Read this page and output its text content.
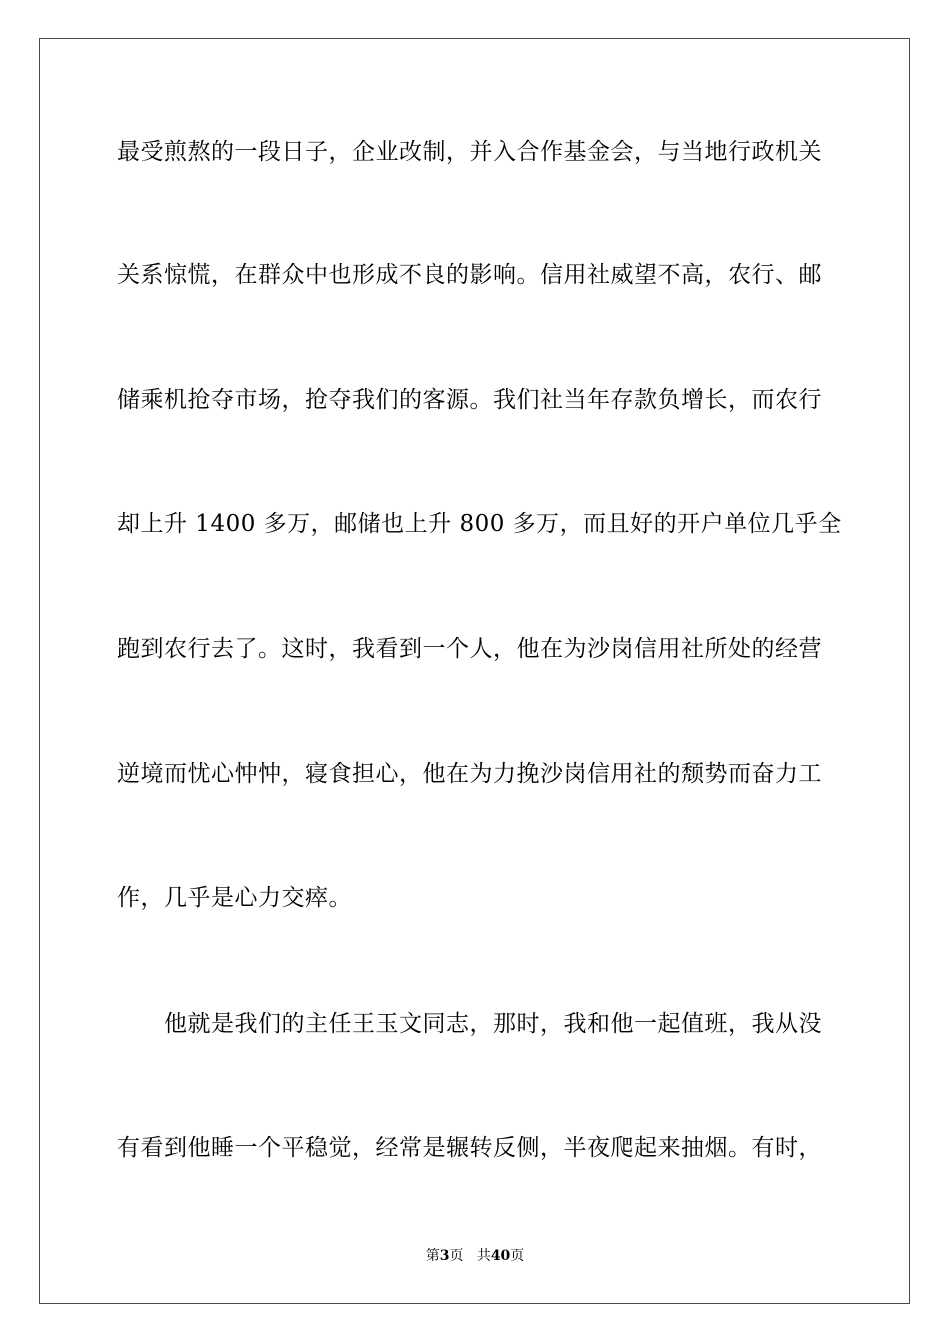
最受煎熬的一段日子，企业改制，并入合作基金会，与当地行政机关
关系惊慌，在群众中也形成不良的影响。信用社威望不高，农行、邮
储乘机抢夺市场，抢夺我们的客源。我们社当年存款负增长，而农行
却上升 1400 多万，邮储也上升 800 多万，而且好的开户单位几乎全
跑到农行去了。这时，我看到一个人，他在为沙岗信用社所处的经营
逆境而忧心忡忡，寝食担心，他在为力挽沙岗信用社的颓势而奋力工
作，几乎是心力交瘁。
　　他就是我们的主任王玉文同志，那时，我和他一起值班，我从没
有看到他睡一个平稳觉，经常是辗转反侧，半夜爬起来抽烟。有时，
第3页 共40页
